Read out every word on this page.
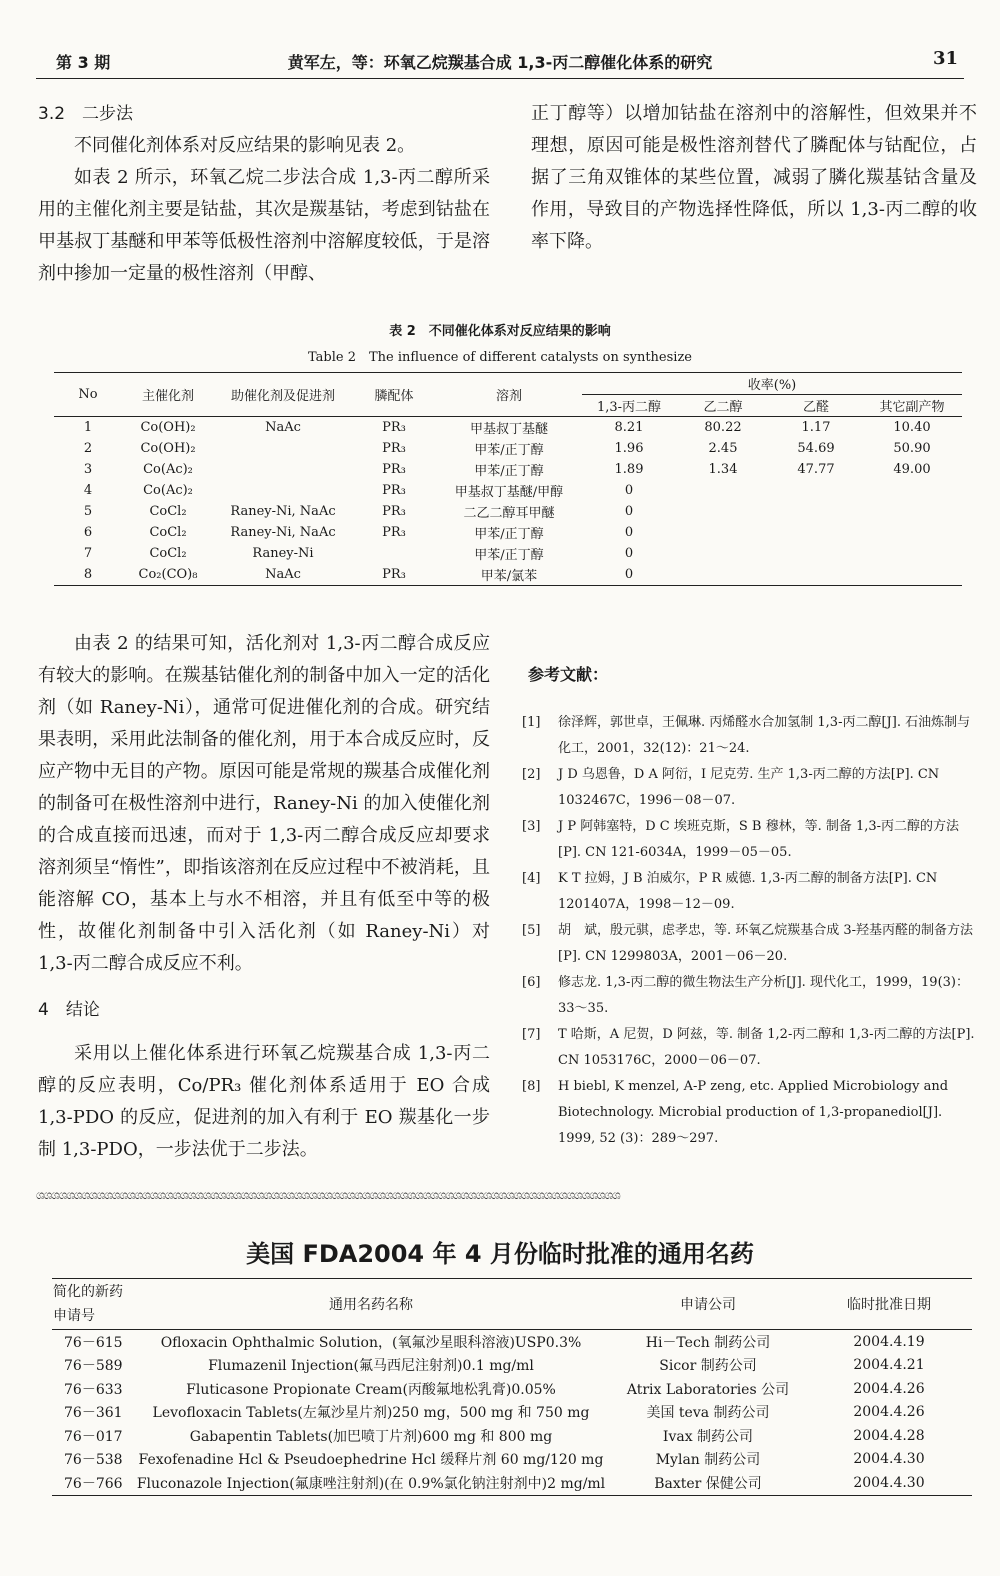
第 3 期	黄军左，等：环氧乙烷羰基合成 1,3-丙二醇催化体系的研究	31

3.2　二步法

不同催化剂体系对反应结果的影响见表 2。

如表 2 所示，环氧乙烷二步法合成 1,3-丙二醇所采用的主催化剂主要是钴盐，其次是羰基钴，考虑到钴盐在甲基叔丁基醚和甲苯等低极性溶剂中溶解度较低，于是溶剂中掺加一定量的极性溶剂（甲醇、

正丁醇等）以增加钴盐在溶剂中的溶解性，但效果并不理想，原因可能是极性溶剂替代了膦配体与钴配位，占据了三角双锥体的某些位置，减弱了膦化羰基钴含量及作用，导致目的产物选择性降低，所以 1,3-丙二醇的收率下降。

表 2　不同催化体系对反应结果的影响
Table 2　The influence of different catalysts on synthesize
No	主催化剂	助催化剂及促进剂	膦配体	溶剂	收率(%)			
					1,3-丙二醇	乙二醇	乙醛	其它副产物
1	Co(OH)₂	NaAc	PR₃	甲基叔丁基醚	8.21	80.22	1.17	10.40
2	Co(OH)₂		PR₃	甲苯/正丁醇	1.96	2.45	54.69	50.90
3	Co(Ac)₂		PR₃	甲苯/正丁醇	1.89	1.34	47.77	49.00
4	Co(Ac)₂		PR₃	甲基叔丁基醚/甲醇	0			
5	CoCl₂	Raney-Ni, NaAc	PR₃	二乙二醇耳甲醚	0			
6	CoCl₂	Raney-Ni, NaAc	PR₃	甲苯/正丁醇	0			
7	CoCl₂	Raney-Ni		甲苯/正丁醇	0			
8	Co₂(CO)₈	NaAc	PR₃	甲苯/氯苯	0			

由表 2 的结果可知，活化剂对 1,3-丙二醇合成反应有较大的影响。在羰基钴催化剂的制备中加入一定的活化剂（如 Raney-Ni），通常可促进催化剂的合成。研究结果表明，采用此法制备的催化剂，用于本合成反应时，反应产物中无目的产物。原因可能是常规的羰基合成催化剂的制备可在极性溶剂中进行，Raney-Ni 的加入使催化剂的合成直接而迅速，而对于 1,3-丙二醇合成反应却要求溶剂须呈“惰性”，即指该溶剂在反应过程中不被消耗，且能溶解 CO，基本上与水不相溶，并且有低至中等的极性，故催化剂制备中引入活化剂（如 Raney-Ni）对 1,3-丙二醇合成反应不利。

4　结论

采用以上催化体系进行环氧乙烷羰基合成 1,3-丙二醇的反应表明，Co/PR₃ 催化剂体系适用于 EO 合成 1,3-PDO 的反应，促进剂的加入有利于 EO 羰基化一步制 1,3-PDO，一步法优于二步法。

参考文献：
[1]	徐泽辉，郭世卓，王佩琳. 丙烯醛水合加氢制 1,3-丙二醇[J]. 石油炼制与化工，2001，32(12)：21～24.
[2]	J D 乌恩鲁，D A 阿衍，I 尼克劳. 生产 1,3-丙二醇的方法[P]. CN 1032467C，1996－08－07.
[3]	J P 阿韩塞特，D C 埃班克斯，S B 穆林，等. 制备 1,3-丙二醇的方法[P]. CN 121-6034A，1999－05－05.
[4]	K T 拉姆，J B 泊威尔，P R 威德. 1,3-丙二醇的制备方法[P]. CN 1201407A，1998－12－09.
[5]	胡　斌，殷元骐，虑孝忠，等. 环氧乙烷羰基合成 3-羟基丙醛的制备方法[P]. CN 1299803A，2001－06－20.
[6]	修志龙. 1,3-丙二醇的微生物法生产分析[J]. 现代化工，1999，19(3)：33～35.
[7]	T 哈斯，A 尼贺，D 阿兹，等. 制备 1,2-丙二醇和 1,3-丙二醇的方法[P]. CN 1053176C，2000－06－07.
[8]	H biebl, K menzel, A-P zeng, etc. Applied Microbiology and Biotechnology. Microbial production of 1,3-propanediol[J]. 1999, 52 (3)：289～297.
ශශශශශශශශශශශශශශශශශශශශශශශශශශශශශශශශශශශශශශශශශශශශශශශශශශශශශශශශශශශශශශශශශශශශශශශශශශශශශ
美国 FDA2004 年 4 月份临时批准的通用名药
简化的新药申请号	通用名药名称	申请公司	临时批准日期
76－615	Ofloxacin Ophthalmic Solution，(氧氟沙星眼科溶液)USP0.3%	Hi－Tech 制药公司	2004.4.19
76－589	Flumazenil Injection(氟马西尼注射剂)0.1 mg/ml	Sicor 制药公司	2004.4.21
76－633	Fluticasone Propionate Cream(丙酸氟地松乳膏)0.05%	Atrix Laboratories 公司	2004.4.26
76－361	Levofloxacin Tablets(左氟沙星片剂)250 mg，500 mg 和 750 mg	美国 teva 制药公司	2004.4.26
76－017	Gabapentin Tablets(加巴喷丁片剂)600 mg 和 800 mg	Ivax 制药公司	2004.4.28
76－538	Fexofenadine Hcl & Pseudoephedrine Hcl 缓释片剂 60 mg/120 mg	Mylan 制药公司	2004.4.30
76－766	Fluconazole Injection(氟康唑注射剂)(在 0.9%氯化钠注射剂中)2 mg/ml	Baxter 保健公司	2004.4.30
